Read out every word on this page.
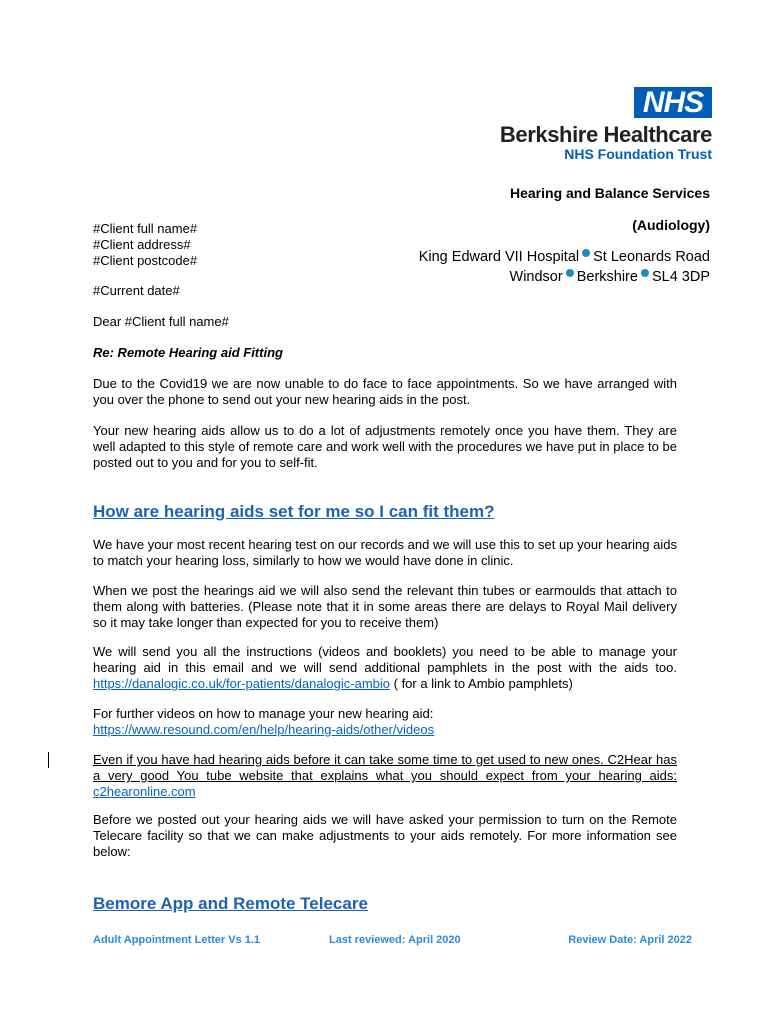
NHS
Berkshire Healthcare
NHS Foundation Trust
Hearing and Balance Services
(Audiology)
King Edward VII Hospital St Leonards Road
Windsor Berkshire SL4 3DP
#Client full name#
#Client address#
#Client postcode#
#Current date#
Dear #Client full name#
Re: Remote Hearing aid Fitting
Due to the Covid19 we are now unable to do face to face appointments. So we have arranged with you over the phone to send out your new hearing aids in the post.
Your new hearing aids allow us to do a lot of adjustments remotely once you have them. They are well adapted to this style of remote care and work well with the procedures we have put in place to be posted out to you and for you to self-fit.
How are hearing aids set for me so I can fit them?
We have your most recent hearing test on our records and we will use this to set up your hearing aids to match your hearing loss, similarly to how we would have done in clinic.
When we post the hearings aid we will also send the relevant thin tubes or earmoulds that attach to them along with batteries. (Please note that it in some areas there are delays to Royal Mail delivery so it may take longer than expected for you to receive them)
We will send you all the instructions (videos and booklets) you need to be able to manage your hearing aid in this email and we will send additional pamphlets in the post with the aids too. https://danalogic.co.uk/for-patients/danalogic-ambio ( for a link to Ambio pamphlets)
For further videos on how to manage your new hearing aid:
https://www.resound.com/en/help/hearing-aids/other/videos
Even if you have had hearing aids before it can take some time to get used to new ones. C2Hear has a very good You tube website that explains what you should expect from your hearing aids: c2hearonline.com
Before we posted out your hearing aids we will have asked your permission to turn on the Remote Telecare facility so that we can make adjustments to your aids remotely. For more information see below:
Bemore App and Remote Telecare
Adult Appointment Letter Vs 1.1	Last reviewed: April 2020	Review Date: April 2022
